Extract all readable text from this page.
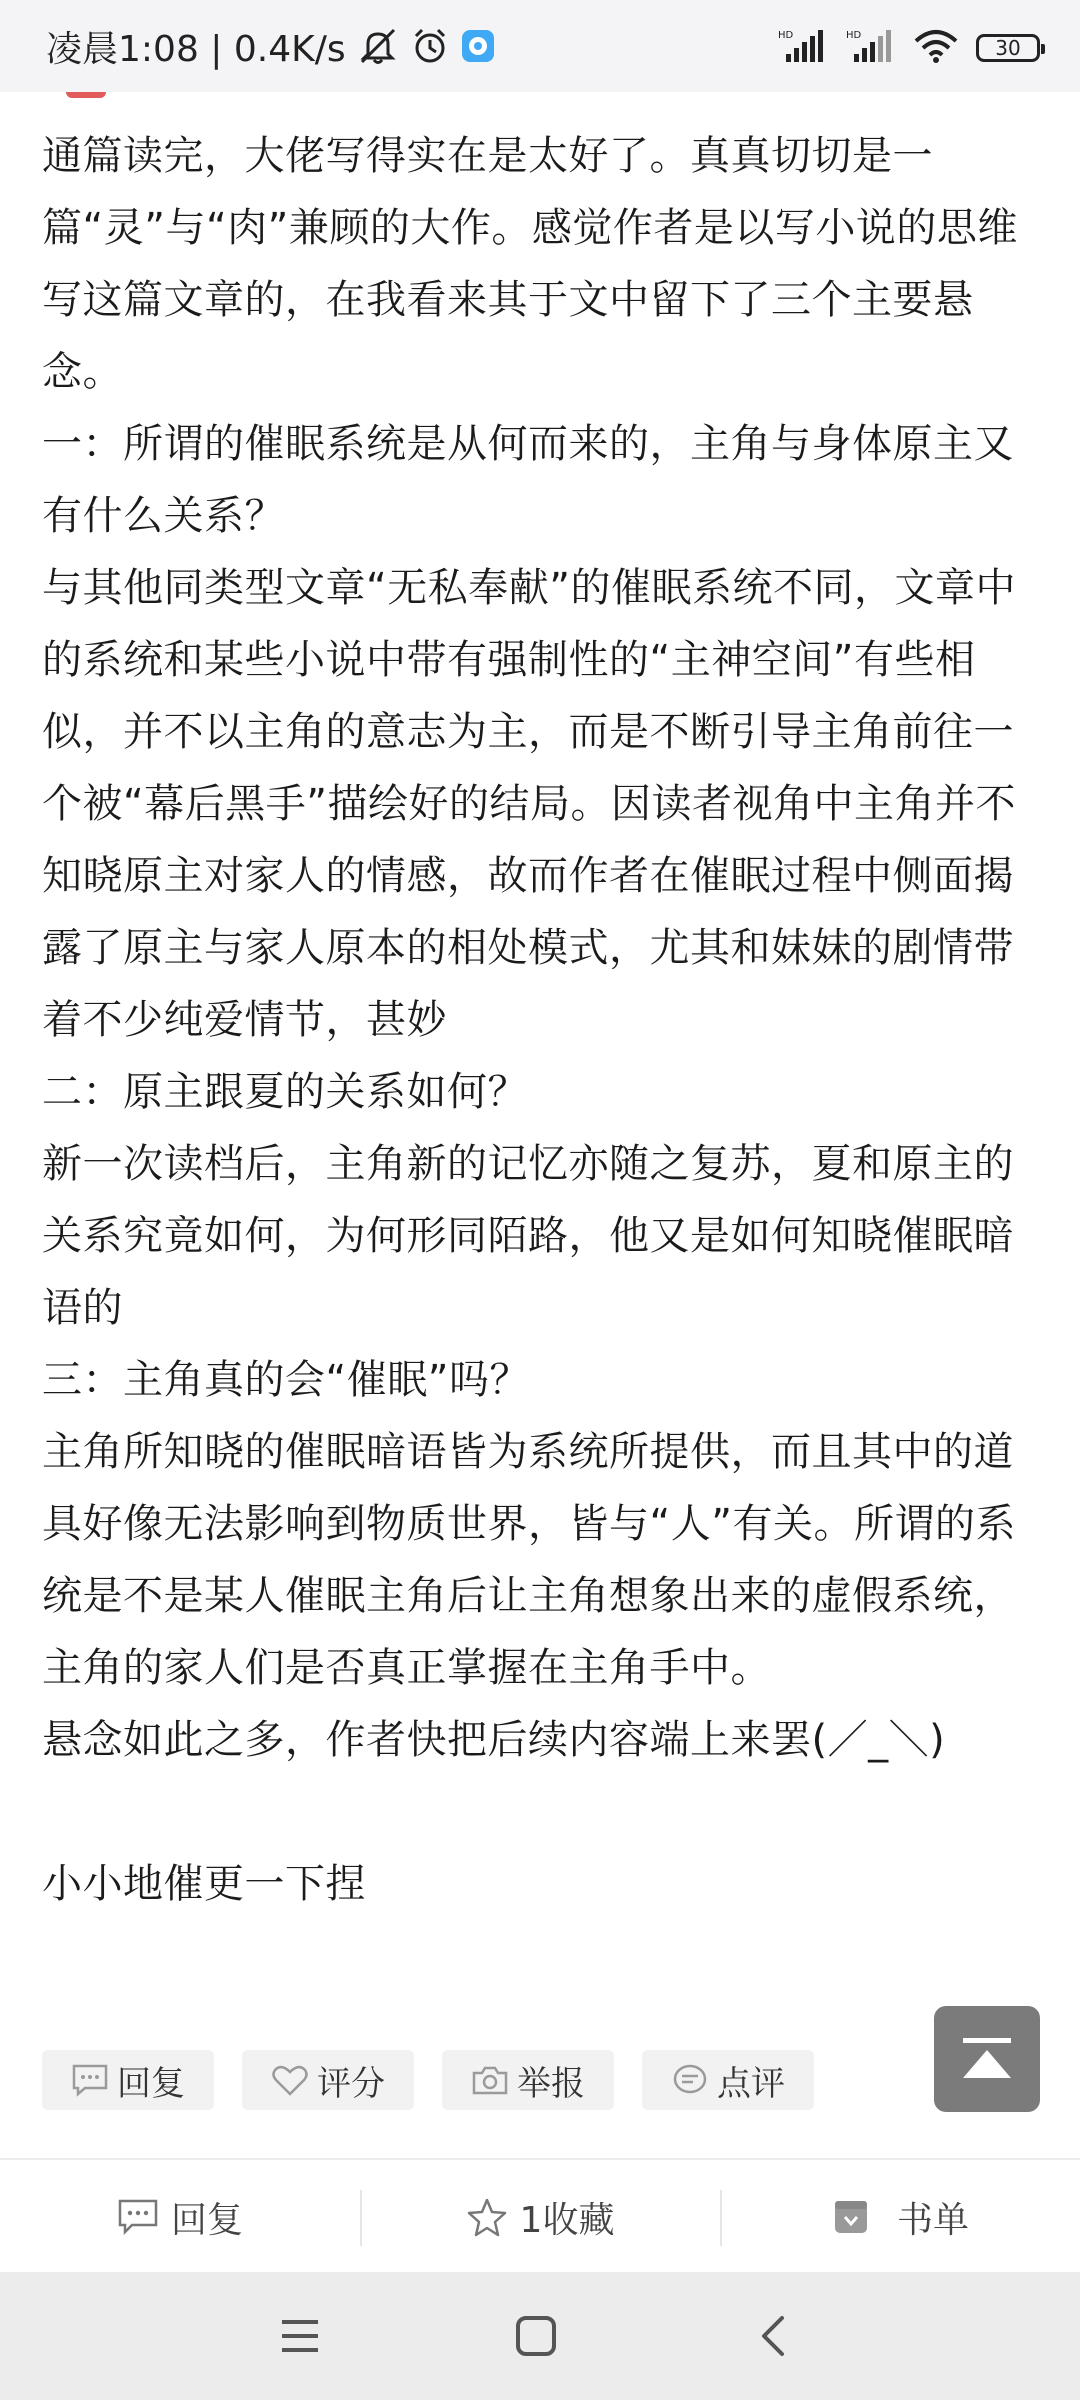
凌晨1:08 | 0.4K/s	HD	HD
30

通篇读完，大佬写得实在是太好了。真真切切是一篇“灵”与“肉”兼顾的大作。感觉作者是以写小说的思维写这篇文章的，在我看来其于文中留下了三个主要悬念。

一：所谓的催眠系统是从何而来的，主角与身体原主又有什么关系？

与其他同类型文章“无私奉献”的催眠系统不同，文章中的系统和某些小说中带有强制性的“主神空间”有些相似，并不以主角的意志为主，而是不断引导主角前往一个被“幕后黑手”描绘好的结局。因读者视角中主角并不知晓原主对家人的情感，故而作者在催眠过程中侧面揭露了原主与家人原本的相处模式，尤其和妹妹的剧情带着不少纯爱情节，甚妙

二：原主跟夏的关系如何？

新一次读档后，主角新的记忆亦随之复苏，夏和原主的关系究竟如何，为何形同陌路，他又是如何知晓催眠暗语的

三：主角真的会“催眠”吗？

主角所知晓的催眠暗语皆为系统所提供，而且其中的道具好像无法影响到物质世界，皆与“人”有关。所谓的系统是不是某人催眠主角后让主角想象出来的虚假系统，主角的家人们是否真正掌握在主角手中。

悬念如此之多，作者快把后续内容端上来罢(／_＼)

小小地催更一下捏

回复	评分	举报	点评
回复	1收藏	书单
